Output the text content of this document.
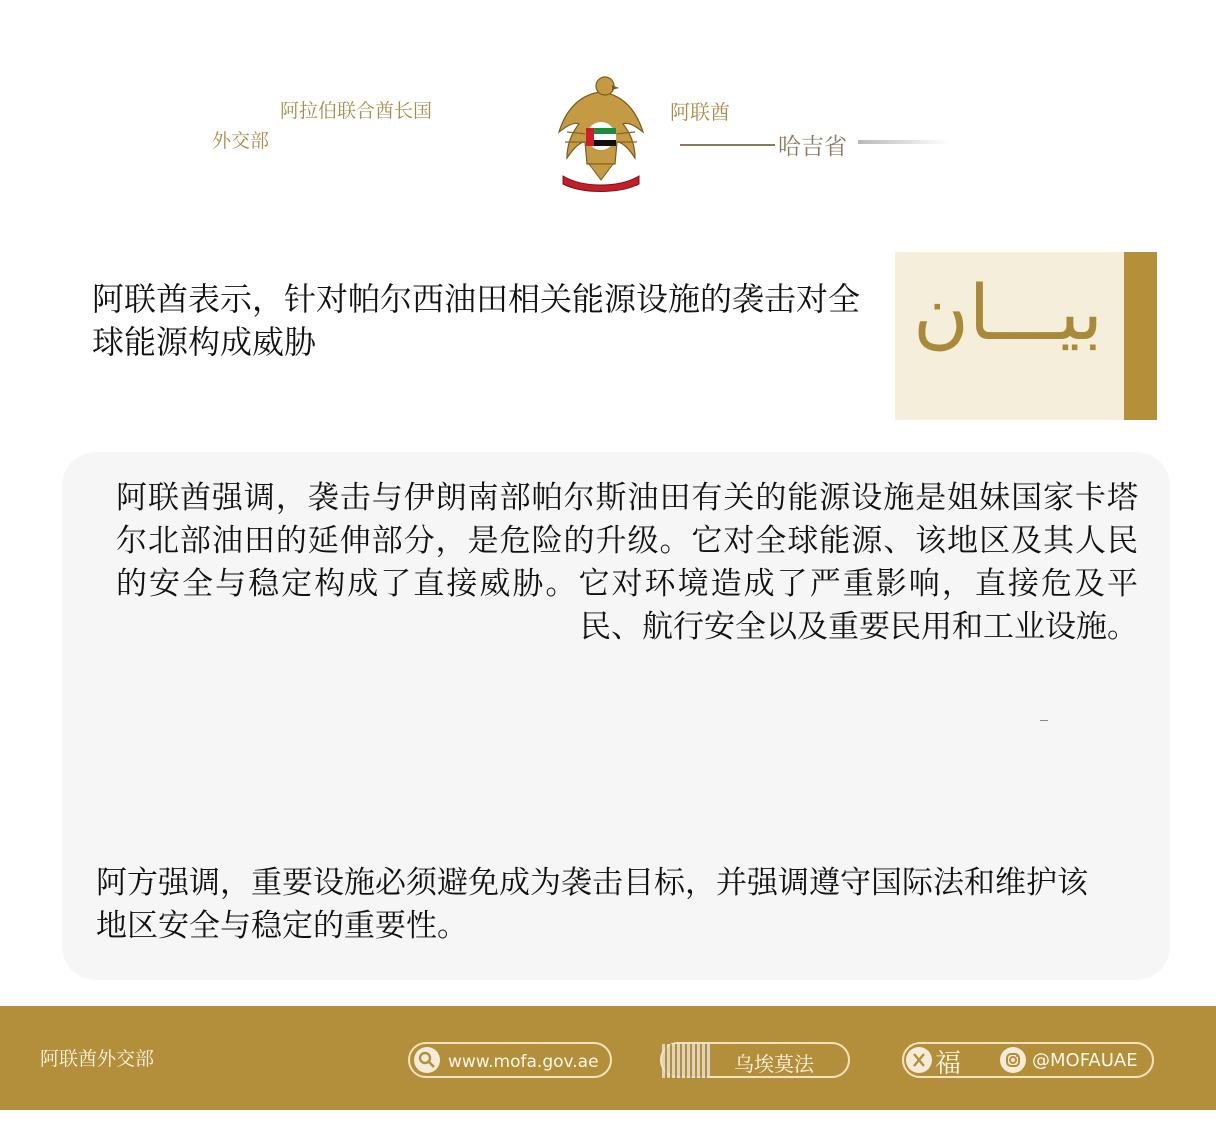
阿拉伯联合酋长国
外交部
阿联酋
哈吉省
阿联酋表示，针对帕尔西油田相关能源设施的袭击对全球能源构成威胁	بيـــان
阿联酋强调，袭击与伊朗南部帕尔斯油田有关的能源设施是姐妹国家卡塔尔北部油田的延伸部分，是危险的升级。它对全球能源、该地区及其人民的安全与稳定构成了直接威胁。它对环境造成了严重影响，直接危及平民、航行安全以及重要民用和工业设施。
阿方强调，重要设施必须避免成为袭击目标，并强调遵守国际法和维护该地区安全与稳定的重要性。
阿联酋外交部	www.mofa.gov.ae	乌埃莫法	福	@MOFAUAE
